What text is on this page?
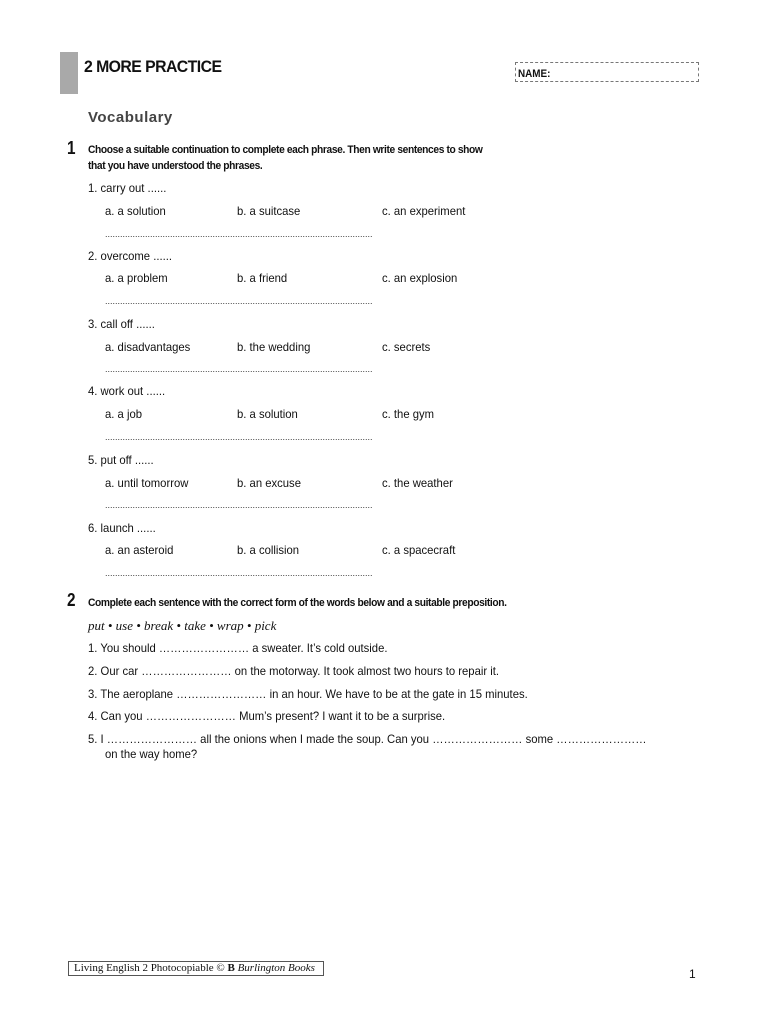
2 MORE PRACTICE	NAME:
Vocabulary
1 Choose a suitable continuation to complete each phrase. Then write sentences to show
that you have understood the phrases.
1. carry out ......
a. a solution	b. a suitcase	c. an experiment
...........................................................................................................
2. overcome ......
a. a problem	b. a friend	c. an explosion
...........................................................................................................
3. call off ......
a. disadvantages	b. the wedding	c. secrets
...........................................................................................................
4. work out ......
a. a job	b. a solution	c. the gym
...........................................................................................................
5. put off ......
a. until tomorrow	b. an excuse	c. the weather
...........................................................................................................
6. launch ......
a. an asteroid	b. a collision	c. a spacecraft
...........................................................................................................
2 Complete each sentence with the correct form of the words below and a suitable preposition.
put • use • break • take • wrap • pick
1. You should …………………… a sweater. It’s cold outside.
2. Our car …………………… on the motorway. It took almost two hours to repair it.
3. The aeroplane …………………… in an hour. We have to be at the gate in 15 minutes.
4. Can you …………………… Mum’s present? I want it to be a surprise.
5. I …………………… all the onions when I made the soup. Can you …………………… some ……………………
on the way home?
Living English 2 Photocopiable © B Burlington Books	1
